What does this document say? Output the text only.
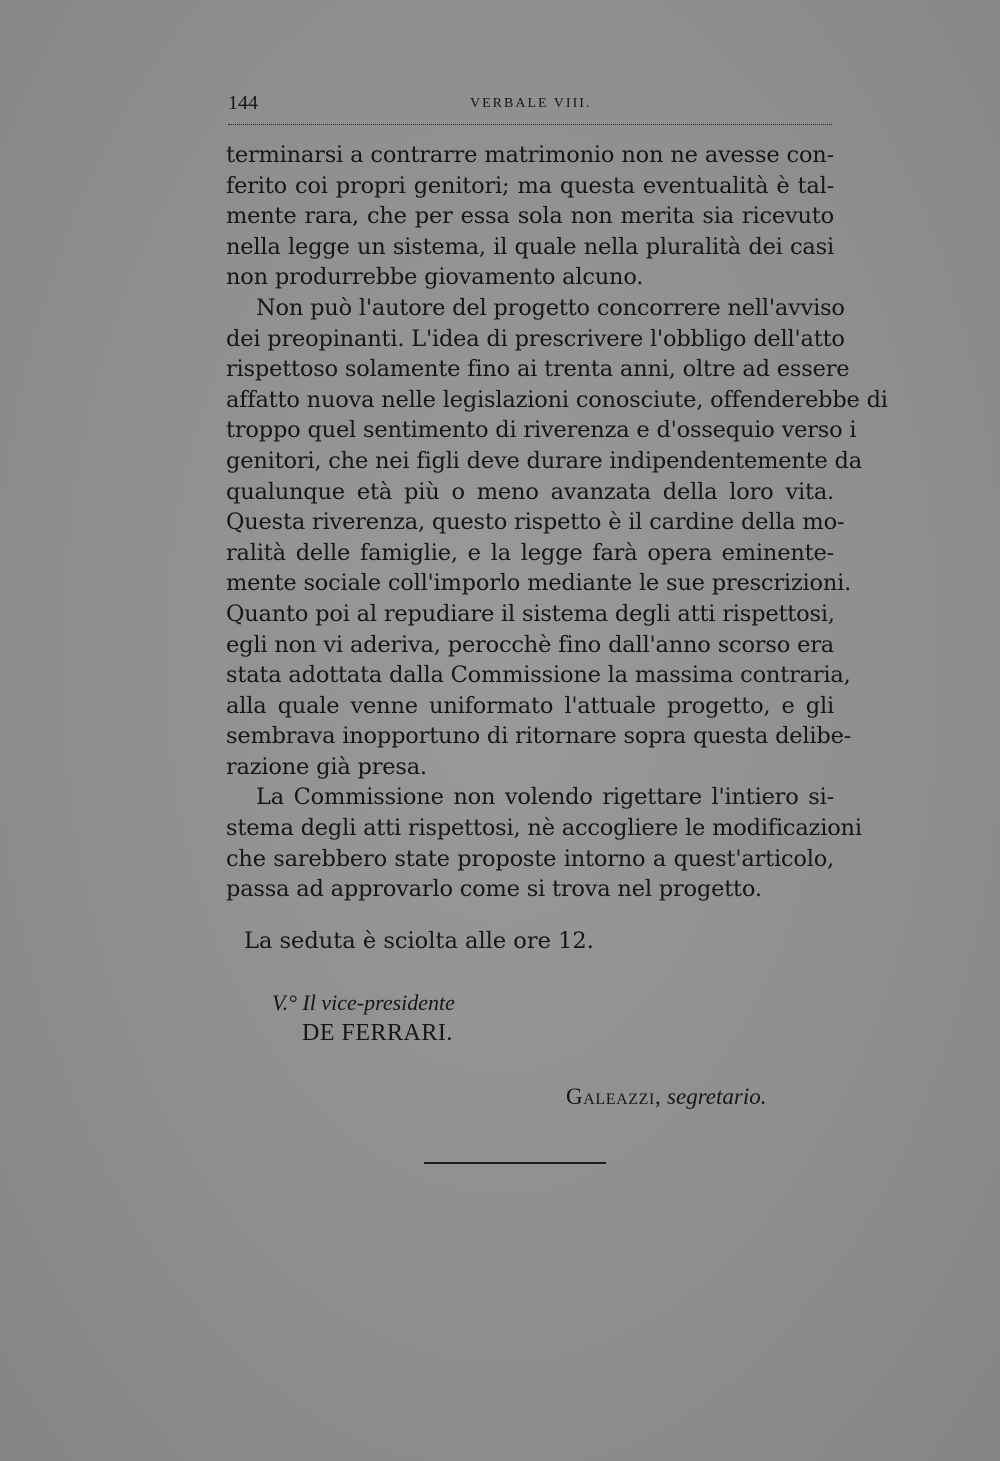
144	VERBALE VIII.
terminarsi a contrarre matrimonio non ne avesse con-
ferito coi propri genitori; ma questa eventualità è tal-
mente rara, che per essa sola non merita sia ricevuto
nella legge un sistema, il quale nella pluralità dei casi
non produrrebbe giovamento alcuno.
Non può l'autore del progetto concorrere nell'avviso
dei preopinanti. L'idea di prescrivere l'obbligo dell'atto
rispettoso solamente fino ai trenta anni, oltre ad essere
affatto nuova nelle legislazioni conosciute, offenderebbe di
troppo quel sentimento di riverenza e d'ossequio verso i
genitori, che nei figli deve durare indipendentemente da
qualunque età più o meno avanzata della loro vita.
Questa riverenza, questo rispetto è il cardine della mo-
ralità delle famiglie, e la legge farà opera eminente-
mente sociale coll'imporlo mediante le sue prescrizioni.
Quanto poi al repudiare il sistema degli atti rispettosi,
egli non vi aderiva, perocchè fino dall'anno scorso era
stata adottata dalla Commissione la massima contraria,
alla quale venne uniformato l'attuale progetto, e gli
sembrava inopportuno di ritornare sopra questa delibe-
razione già presa.
La Commissione non volendo rigettare l'intiero si-
stema degli atti rispettosi, nè accogliere le modificazioni
che sarebbero state proposte intorno a quest'articolo,
passa ad approvarlo come si trova nel progetto.
La seduta è sciolta alle ore 12.
V.° Il vice-presidente
DE FERRARI.
Galeazzi, segretario.
